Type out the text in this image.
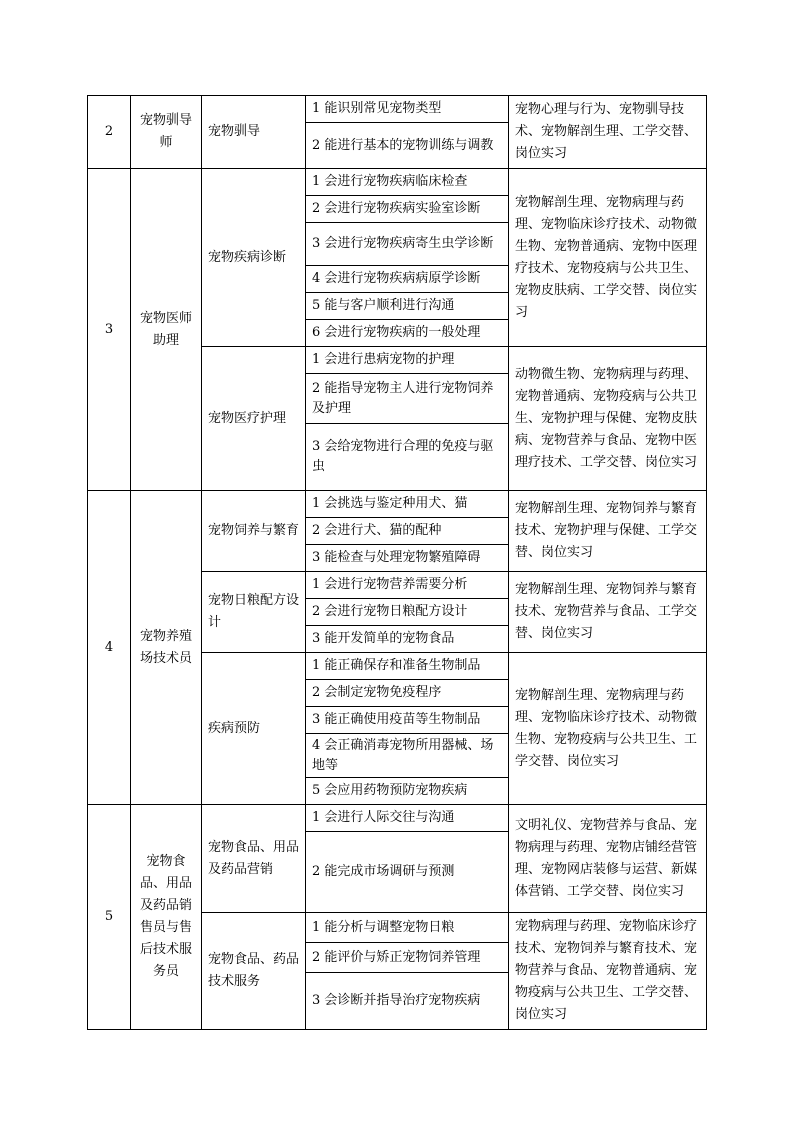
2	宠物驯导师	宠物驯导	1 能识别常见宠物类型	宠物心理与行为、宠物驯导技术、宠物解剖生理、工学交替、岗位实习
			2 能进行基本的宠物训练与调教	
3	宠物医师助理	宠物疾病诊断	1 会进行宠物疾病临床检查	宠物解剖生理、宠物病理与药理、宠物临床诊疗技术、动物微生物、宠物普通病、宠物中医理疗技术、宠物疫病与公共卫生、宠物皮肤病、工学交替、岗位实习
			2 会进行宠物疾病实验室诊断	
			3 会进行宠物疾病寄生虫学诊断	
			4 会进行宠物疾病病原学诊断	
			5 能与客户顺利进行沟通	
			6 会进行宠物疾病的一般处理	
		宠物医疗护理	1 会进行患病宠物的护理	动物微生物、宠物病理与药理、宠物普通病、宠物疫病与公共卫生、宠物护理与保健、宠物皮肤病、宠物营养与食品、宠物中医理疗技术、工学交替、岗位实习
			2 能指导宠物主人进行宠物饲养及护理	
			3 会给宠物进行合理的免疫与驱虫	
4	宠物养殖场技术员	宠物饲养与繁育	1 会挑选与鉴定种用犬、猫	宠物解剖生理、宠物饲养与繁育技术、宠物护理与保健、工学交替、岗位实习
			2 会进行犬、猫的配种	
			3 能检查与处理宠物繁殖障碍	
		宠物日粮配方设计	1 会进行宠物营养需要分析	宠物解剖生理、宠物饲养与繁育技术、宠物营养与食品、工学交替、岗位实习
			2 会进行宠物日粮配方设计	
			3 能开发简单的宠物食品	
		疾病预防	1 能正确保存和准备生物制品	宠物解剖生理、宠物病理与药理、宠物临床诊疗技术、动物微生物、宠物疫病与公共卫生、工学交替、岗位实习
			2 会制定宠物免疫程序	
			3 能正确使用疫苗等生物制品	
			4 会正确消毒宠物所用器械、场地等	
			5 会应用药物预防宠物疾病	
5	宠物食品、用品及药品销售员与售后技术服务员	宠物食品、用品及药品营销	1 会进行人际交往与沟通	文明礼仪、宠物营养与食品、宠物病理与药理、宠物店铺经营管理、宠物网店装修与运营、新媒体营销、工学交替、岗位实习
			2 能完成市场调研与预测	
		宠物食品、药品技术服务	1 能分析与调整宠物日粮	宠物病理与药理、宠物临床诊疗技术、宠物饲养与繁育技术、宠物营养与食品、宠物普通病、宠物疫病与公共卫生、工学交替、岗位实习
			2 能评价与矫正宠物饲养管理	
			3 会诊断并指导治疗宠物疾病	
